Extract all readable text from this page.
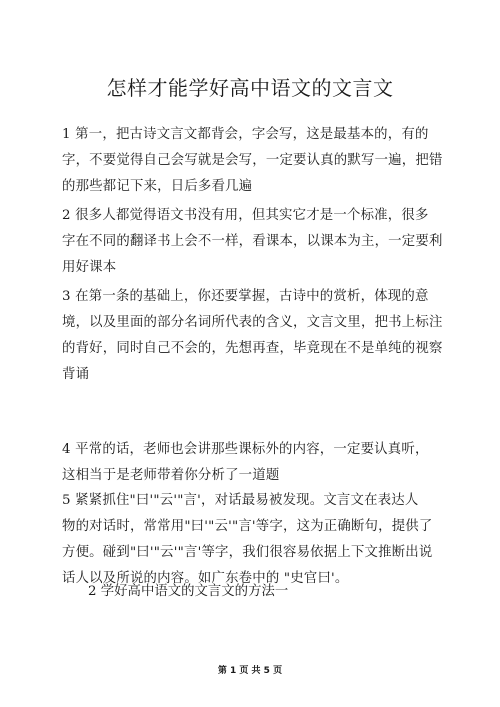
怎样才能学好高中语文的文言文
1 第一，把古诗文言文都背会，字会写，这是最基本的，有的
字，不要觉得自己会写就是会写，一定要认真的默写一遍，把错
的那些都记下来，日后多看几遍
2 很多人都觉得语文书没有用，但其实它才是一个标准，很多
字在不同的翻译书上会不一样，看课本，以课本为主，一定要利
用好课本
3 在第一条的基础上，你还要掌握，古诗中的赏析，体现的意
境，以及里面的部分名词所代表的含义，文言文里，把书上标注
的背好，同时自己不会的，先想再查，毕竟现在不是单纯的视察
背诵
4 平常的话，老师也会讲那些课标外的内容，一定要认真听，
这相当于是老师带着你分析了一道题
5 紧紧抓住"曰'"云'"言'，对话最易被发现。文言文在表达人
物的对话时，常常用"曰'"云'"言'等字，这为正确断句，提供了
方便。碰到"曰'"云'"言'等字，我们很容易依据上下文推断出说
话人以及所说的内容。如广东卷中的 "史官曰'。
2 学好高中语文的文言文的方法一
第 1 页 共 5 页
